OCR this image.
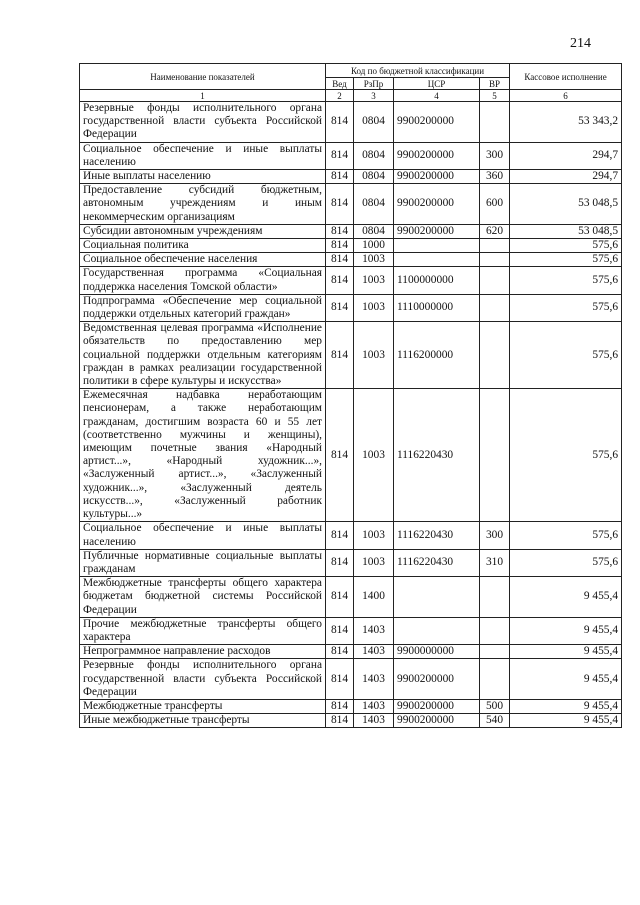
214
Наименование показателей	Код по бюджетной классификации				Кассовое исполнение
	Вед	РзПр	ЦСР	ВР	
1	2	3	4	5	6
Резервные фонды исполнительного органа государственной власти субъекта Российской Федерации	814	0804	9900200000		53 343,2
Социальное обеспечение и иные выплаты населению	814	0804	9900200000	300	294,7
Иные выплаты населению	814	0804	9900200000	360	294,7
Предоставление субсидий бюджетным, автономным учреждениям и иным некоммерческим организациям	814	0804	9900200000	600	53 048,5
Субсидии автономным учреждениям	814	0804	9900200000	620	53 048,5
Социальная политика	814	1000			575,6
Социальное обеспечение населения	814	1003			575,6
Государственная программа «Социальная поддержка населения Томской области»	814	1003	1100000000		575,6
Подпрограмма «Обеспечение мер социальной поддержки отдельных категорий граждан»	814	1003	1110000000		575,6
Ведомственная целевая программа «Исполнение обязательств по предоставлению мер социальной поддержки отдельным категориям граждан в рамках реализации государственной политики в сфере культуры и искусства»	814	1003	1116200000		575,6
Ежемесячная надбавка неработающим пенсионерам, а также неработающим гражданам, достигшим возраста 60 и 55 лет (соответственно мужчины и женщины), имеющим почетные звания «Народный артист...», «Народный художник...», «Заслуженный артист...», «Заслуженный художник...», «Заслуженный деятель искусств...», «Заслуженный работник культуры...»	814	1003	1116220430		575,6
Социальное обеспечение и иные выплаты населению	814	1003	1116220430	300	575,6
Публичные нормативные социальные выплаты гражданам	814	1003	1116220430	310	575,6
Межбюджетные трансферты общего характера бюджетам бюджетной системы Российской Федерации	814	1400			9 455,4
Прочие межбюджетные трансферты общего характера	814	1403			9 455,4
Непрограммное направление расходов	814	1403	9900000000		9 455,4
Резервные фонды исполнительного органа государственной власти субъекта Российской Федерации	814	1403	9900200000		9 455,4
Межбюджетные трансферты	814	1403	9900200000	500	9 455,4
Иные межбюджетные трансферты	814	1403	9900200000	540	9 455,4
